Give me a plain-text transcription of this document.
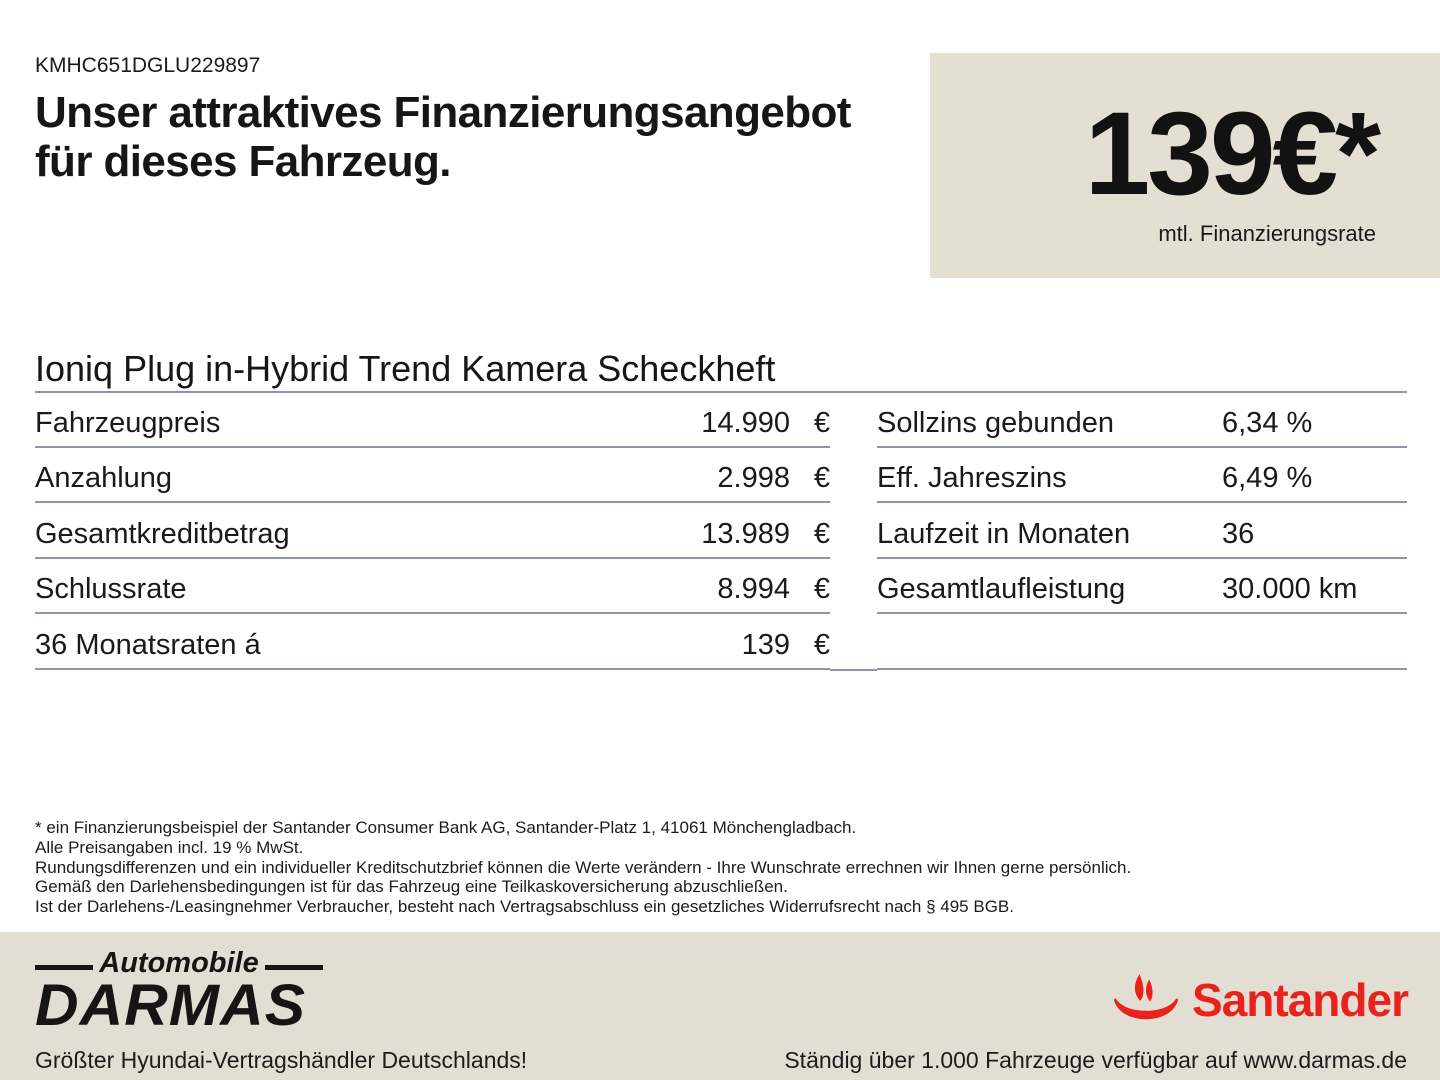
KMHC651DGLU229897
Unser attraktives Finanzierungsangebot
für dieses Fahrzeug.	139€*
mtl. Finanzierungsrate
Ioniq Plug in-Hybrid Trend Kamera Scheckheft
Fahrzeugpreis	14.990 €
Anzahlung	2.998 €
Gesamtkreditbetrag	13.989 €
Schlussrate	8.994 €
36 Monatsraten á	139 €
Sollzins gebunden	6,34 %
Eff. Jahreszins	6,49 %
Laufzeit in Monaten	36
Gesamtlaufleistung	30.000 km
* ein Finanzierungsbeispiel der Santander Consumer Bank AG, Santander-Platz 1, 41061 Mönchengladbach.
Alle Preisangaben incl. 19 % MwSt.
Rundungsdifferenzen und ein individueller Kreditschutzbrief können die Werte verändern - Ihre Wunschrate errechnen wir Ihnen gerne persönlich.
Gemäß den Darlehensbedingungen ist für das Fahrzeug eine Teilkaskoversicherung abzuschließen.
Ist der Darlehens-/Leasingnehmer Verbraucher, besteht nach Vertragsabschluss ein gesetzliches Widerrufsrecht nach § 495 BGB.
Automobile
DARMAS	Santander
Größter Hyundai-Vertragshändler Deutschlands!	Ständig über 1.000 Fahrzeuge verfügbar auf www.darmas.de
